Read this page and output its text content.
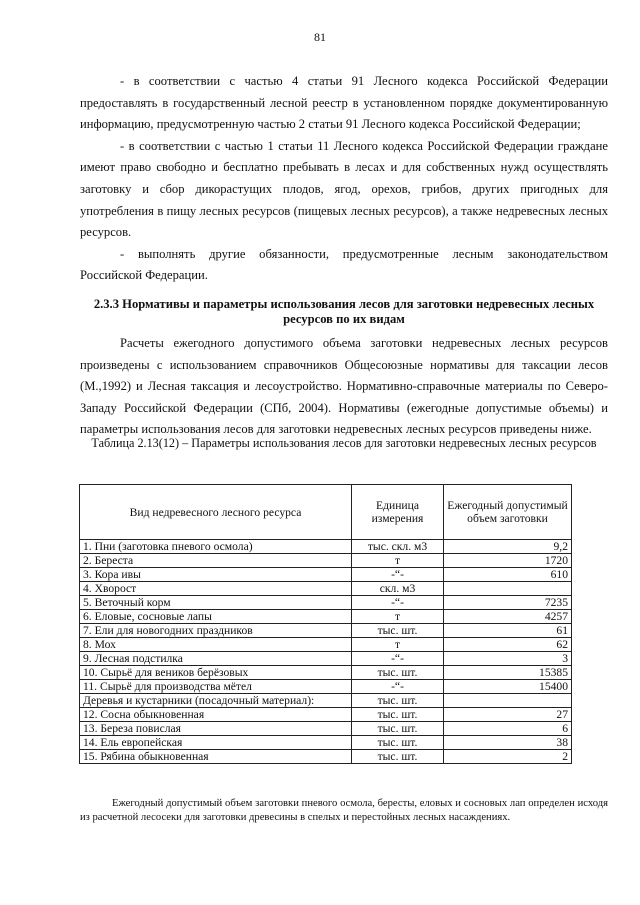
81

- в соответствии с частью 4 статьи 91 Лесного кодекса Российской Федерации предоставлять в государственный лесной реестр в установленном порядке документированную информацию, предусмотренную частью 2 статьи 91 Лесного кодекса Российской Федерации;

- в соответствии с частью 1 статьи 11 Лесного кодекса Российской Федерации граждане имеют право свободно и бесплатно пребывать в лесах и для собственных нужд осуществлять заготовку и сбор дикорастущих плодов, ягод, орехов, грибов, других пригодных для употребления в пищу лесных ресурсов (пищевых лесных ресурсов), а также недревесных лесных ресурсов.

- выполнять другие обязанности, предусмотренные лесным законодательством Российской Федерации.

2.3.3 Нормативы и параметры использования лесов для заготовки недревесных лесных ресурсов по их видам

Расчеты ежегодного допустимого объема заготовки недревесных лесных ресурсов произведены с использованием справочников Общесоюзные нормативы для таксации лесов (М.,1992) и Лесная таксация и лесоустройство. Нормативно-справочные материалы по Северо-Западу Российской Федерации (СПб, 2004). Нормативы (ежегодные допустимые объемы) и параметры использования лесов для заготовки недревесных лесных ресурсов приведены ниже.

Таблица 2.13(12) – Параметры использования лесов для заготовки недревесных лесных ресурсов
Вид недревесного лесного ресурса	Единица измерения	Ежегодный допустимый объем заготовки
1. Пни (заготовка пневого осмола)	тыс. скл. м3	9,2
2. Береста	т	1720
3. Кора ивы	-“-	610
4. Хворост	скл. м3	
5. Веточный корм	-“-	7235
6. Еловые, сосновые лапы	т	4257
7. Ели для новогодних праздников	тыс. шт.	61
8. Мох	т	62
9. Лесная подстилка	-“-	3
10. Сырьё для веников берёзовых	тыс. шт.	15385
11. Сырьё для производства мётел	-“-	15400
Деревья и кустарники (посадочный материал):	тыс. шт.	
12. Сосна обыкновенная	тыс. шт.	27
13. Береза повислая	тыс. шт.	6
14. Ель европейская	тыс. шт.	38
15. Рябина обыкновенная	тыс. шт.	2

Ежегодный допустимый объем заготовки пневого осмола, бересты, еловых и сосновых лап определен исходя из расчетной лесосеки для заготовки древесины в спелых и перестойных лесных насаждениях.
